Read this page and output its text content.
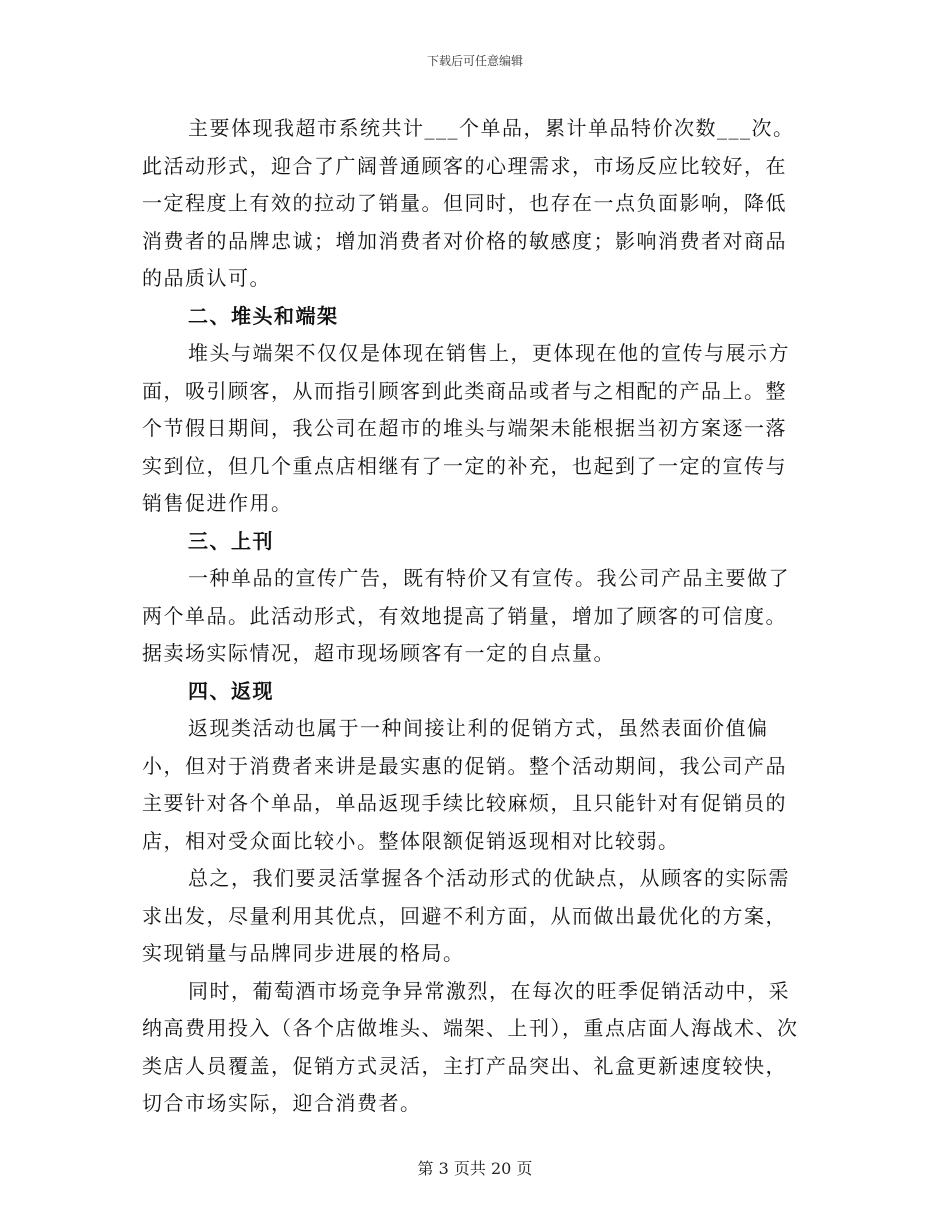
下载后可任意编辑

主要体现我超市系统共计___个单品，累计单品特价次数___次。此活动形式，迎合了广阔普通顾客的心理需求，市场反应比较好，在一定程度上有效的拉动了销量。但同时，也存在一点负面影响，降低消费者的品牌忠诚；增加消费者对价格的敏感度；影响消费者对商品的品质认可。

二、堆头和端架

堆头与端架不仅仅是体现在销售上，更体现在他的宣传与展示方面，吸引顾客，从而指引顾客到此类商品或者与之相配的产品上。整个节假日期间，我公司在超市的堆头与端架未能根据当初方案逐一落实到位，但几个重点店相继有了一定的补充，也起到了一定的宣传与销售促进作用。

三、上刊

一种单品的宣传广告，既有特价又有宣传。我公司产品主要做了两个单品。此活动形式，有效地提高了销量，增加了顾客的可信度。据卖场实际情况，超市现场顾客有一定的自点量。

四、返现

返现类活动也属于一种间接让利的促销方式，虽然表面价值偏小，但对于消费者来讲是最实惠的促销。整个活动期间，我公司产品主要针对各个单品，单品返现手续比较麻烦，且只能针对有促销员的店，相对受众面比较小。整体限额促销返现相对比较弱。

总之，我们要灵活掌握各个活动形式的优缺点，从顾客的实际需求出发，尽量利用其优点，回避不利方面，从而做出最优化的方案，实现销量与品牌同步进展的格局。

同时，葡萄酒市场竞争异常激烈，在每次的旺季促销活动中，采纳高费用投入（各个店做堆头、端架、上刊），重点店面人海战术、次类店人员覆盖，促销方式灵活，主打产品突出、礼盒更新速度较快，切合市场实际，迎合消费者。

第 3 页共 20 页
